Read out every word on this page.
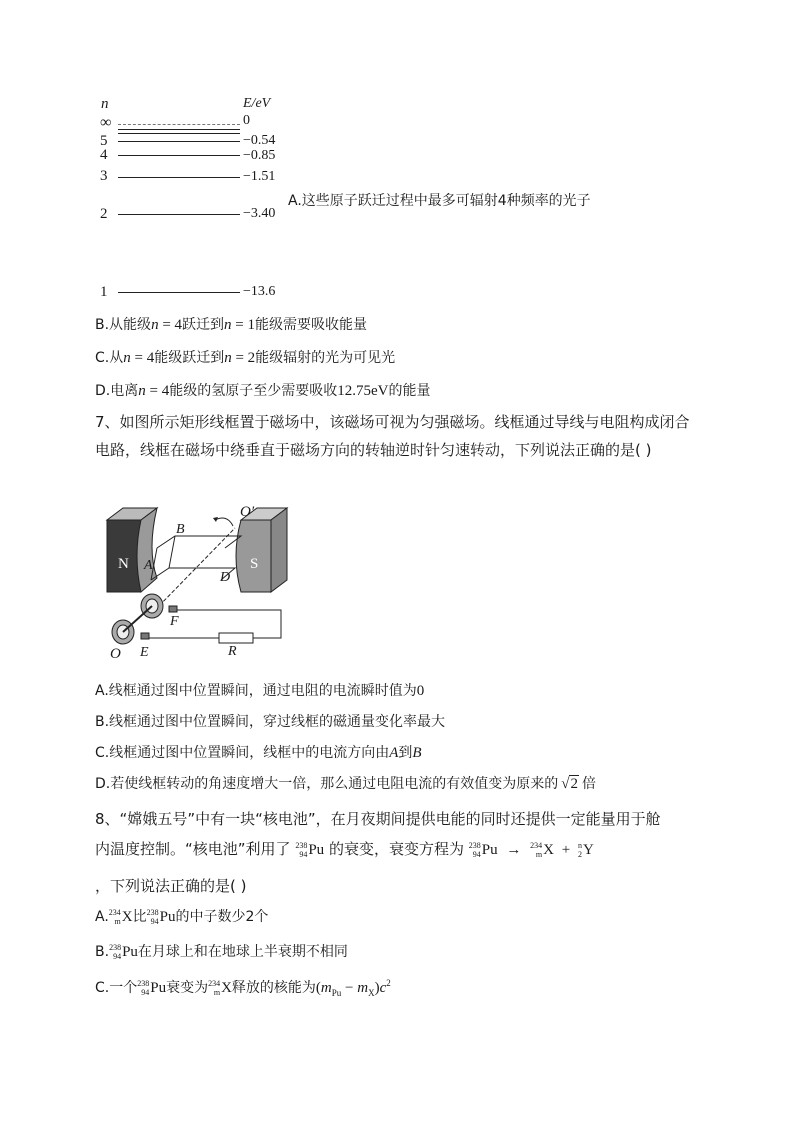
n	E/eV
∞	0
5	−0.54
4	−0.85
3	−1.51
2	−3.40
1	−13.6
A.这些原子跃迁过程中最多可辐射4种频率的光子
B.从能级n = 4跃迁到n = 1能级需要吸收能量
C.从n = 4能级跃迁到n = 2能级辐射的光为可见光
D.电离n = 4能级的氢原子至少需要吸收12.75eV的能量
7、如图所示矩形线框置于磁场中，该磁场可视为匀强磁场。线框通过导线与电阻构成闭合电路，线框在磁场中绕垂直于磁场方向的转轴逆时针匀速转动，下列说法正确的是( )
N	S
A
B
D
O′
O E
F
R
A.线框通过图中位置瞬间，通过电阻的电流瞬时值为0
B.线框通过图中位置瞬间，穿过线框的磁通量变化率最大
C.线框通过图中位置瞬间，线框中的电流方向由A到B
D.若使线框转动的角速度增大一倍，那么通过电阻电流的有效值变为原来的 √2 倍
8、“嫦娥五号”中有一块“核电池”，在月夜期间提供电能的同时还提供一定能量用于舱
内温度控制。“核电池”利用了 238
94 Pu 的衰变，衰变方程为 238
94 Pu → 234
m X + n
2 Y
，下列说法正确的是( )
A. 234
m X比 238
94 Pu的中子数少2个
B. 238
94 Pu在月球上和在地球上半衰期不相同
C.一个 238
94 Pu衰变为 234
m X释放的核能为$(m_{Pu} - m_X)c^2$
